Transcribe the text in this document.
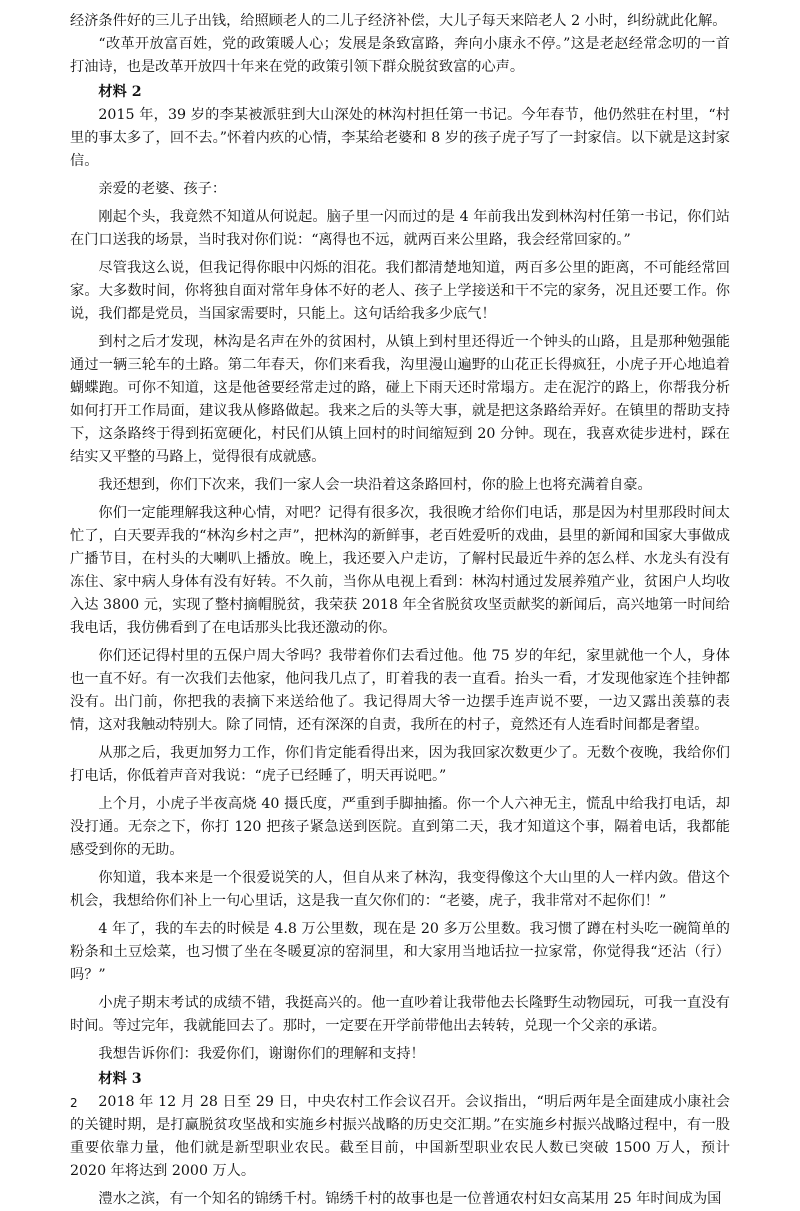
经济条件好的三儿子出钱，给照顾老人的二儿子经济补偿，大儿子每天来陪老人 2 小时，纠纷就此化解。

“改革开放富百姓，党的政策暖人心；发展是条致富路，奔向小康永不停。”这是老赵经常念叨的一首打油诗，也是改革开放四十年来在党的政策引领下群众脱贫致富的心声。

材料 2

2015 年，39 岁的李某被派驻到大山深处的林沟村担任第一书记。今年春节，他仍然驻在村里，“村里的事太多了，回不去。”怀着内疚的心情，李某给老婆和 8 岁的孩子虎子写了一封家信。以下就是这封家信。

亲爱的老婆、孩子：

刚起个头，我竟然不知道从何说起。脑子里一闪而过的是 4 年前我出发到林沟村任第一书记，你们站在门口送我的场景，当时我对你们说：“离得也不远，就两百来公里路，我会经常回家的。”

尽管我这么说，但我记得你眼中闪烁的泪花。我们都清楚地知道，两百多公里的距离，不可能经常回家。大多数时间，你将独自面对常年身体不好的老人、孩子上学接送和干不完的家务，况且还要工作。你说，我们都是党员，当国家需要时，只能上。这句话给我多少底气！

到村之后才发现，林沟是名声在外的贫困村，从镇上到村里还得近一个钟头的山路，且是那种勉强能通过一辆三轮车的土路。第二年春天，你们来看我，沟里漫山遍野的山花正长得疯狂，小虎子开心地追着蝴蝶跑。可你不知道，这是他爸要经常走过的路，碰上下雨天还时常塌方。走在泥泞的路上，你帮我分析如何打开工作局面，建议我从修路做起。我来之后的头等大事，就是把这条路给弄好。在镇里的帮助支持下，这条路终于得到拓宽硬化，村民们从镇上回村的时间缩短到 20 分钟。现在，我喜欢徒步进村，踩在结实又平整的马路上，觉得很有成就感。

我还想到，你们下次来，我们一家人会一块沿着这条路回村，你的脸上也将充满着自豪。

你们一定能理解我这种心情，对吧？记得有很多次，我很晚才给你们电话，那是因为村里那段时间太忙了，白天要弄我的“林沟乡村之声”，把林沟的新鲜事，老百姓爱听的戏曲，县里的新闻和国家大事做成广播节目，在村头的大喇叭上播放。晚上，我还要入户走访，了解村民最近牛养的怎么样、水龙头有没有冻住、家中病人身体有没有好转。不久前，当你从电视上看到：林沟村通过发展养殖产业，贫困户人均收入达 3800 元，实现了整村摘帽脱贫，我荣获 2018 年全省脱贫攻坚贡献奖的新闻后，高兴地第一时间给我电话，我仿佛看到了在电话那头比我还激动的你。

你们还记得村里的五保户周大爷吗？我带着你们去看过他。他 75 岁的年纪，家里就他一个人，身体也一直不好。有一次我们去他家，他问我几点了，盯着我的表一直看。抬头一看，才发现他家连个挂钟都没有。出门前，你把我的表摘下来送给他了。我记得周大爷一边摆手连声说不要，一边又露出羡慕的表情，这对我触动特别大。除了同情，还有深深的自责，我所在的村子，竟然还有人连看时间都是奢望。

从那之后，我更加努力工作，你们肯定能看得出来，因为我回家次数更少了。无数个夜晚，我给你们打电话，你低着声音对我说：“虎子已经睡了，明天再说吧。”

上个月，小虎子半夜高烧 40 摄氏度，严重到手脚抽搐。你一个人六神无主，慌乱中给我打电话，却没打通。无奈之下，你打 120 把孩子紧急送到医院。直到第二天，我才知道这个事，隔着电话，我都能感受到你的无助。

你知道，我本来是一个很爱说笑的人，但自从来了林沟，我变得像这个大山里的人一样内敛。借这个机会，我想给你们补上一句心里话，这是我一直欠你们的：“老婆，虎子，我非常对不起你们！”

4 年了，我的车去的时候是 4.8 万公里数，现在是 20 多万公里数。我习惯了蹲在村头吃一碗简单的粉条和土豆烩菜，也习惯了坐在冬暖夏凉的窑洞里，和大家用当地话拉一拉家常，你觉得我“还沾（行）吗？”

小虎子期末考试的成绩不错，我挺高兴的。他一直吵着让我带他去长隆野生动物园玩，可我一直没有时间。等过完年，我就能回去了。那时，一定要在开学前带他出去转转，兑现一个父亲的承诺。

我想告诉你们：我爱你们，谢谢你们的理解和支持！

材料 3

2018 年 12 月 28 日至 29 日，中央农村工作会议召开。会议指出，“明后两年是全面建成小康社会的关键时期，是打赢脱贫攻坚战和实施乡村振兴战略的历史交汇期。”在实施乡村振兴战略过程中，有一股重要依靠力量，他们就是新型职业农民。截至目前，中国新型职业农民人数已突破 1500 万人，预计 2020 年将达到 2000 万人。

澧水之滨，有一个知名的锦绣千村。锦绣千村的故事也是一位普通农村妇女高某用 25 年时间成为国

2
